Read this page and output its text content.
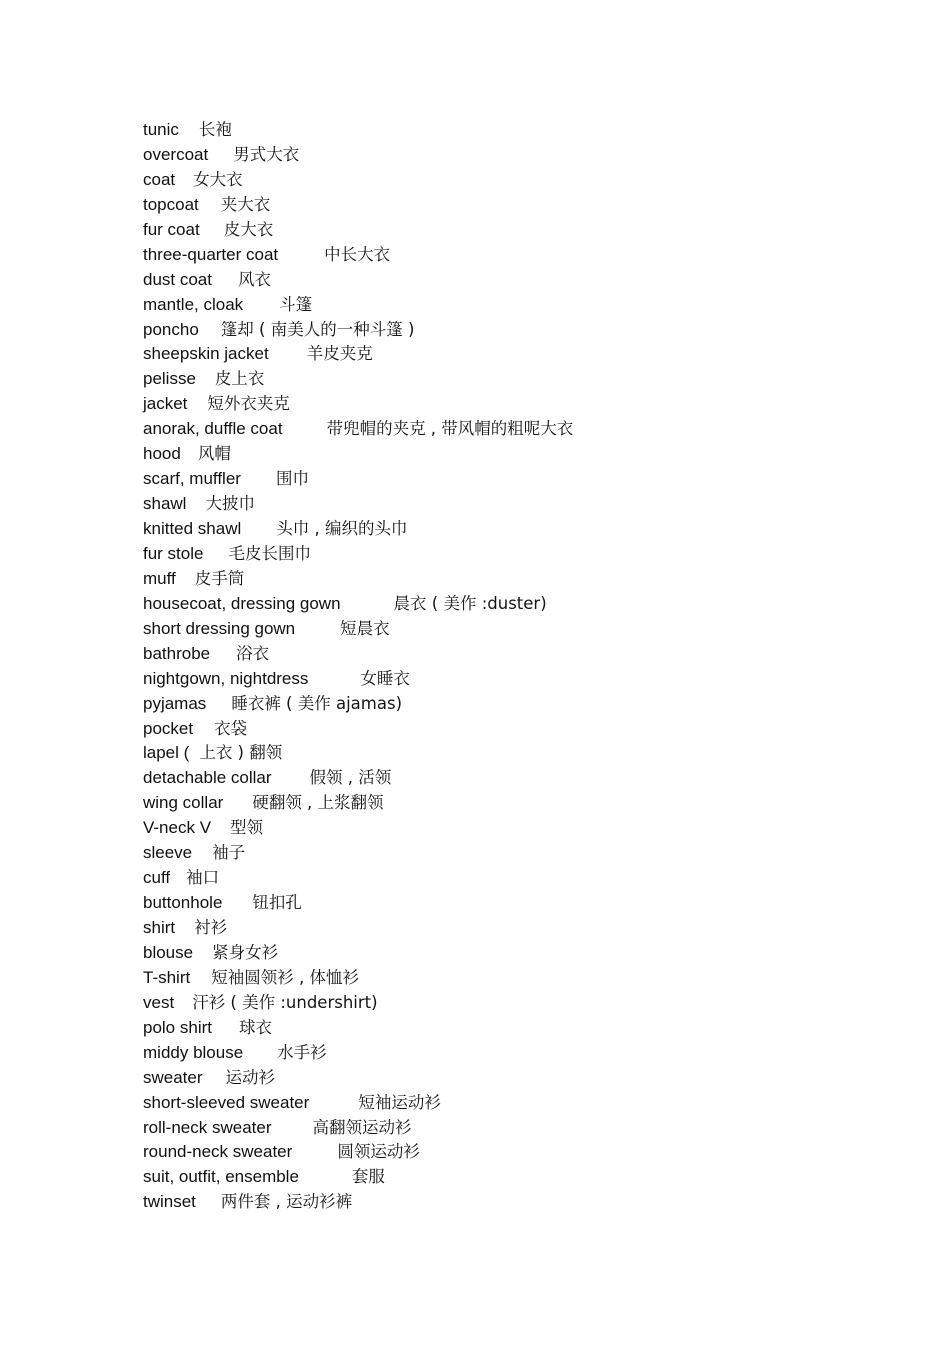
tunic 长袍
overcoat 男式大衣
coat 女大衣
topcoat 夹大衣
fur coat 皮大衣
three-quarter coat	中长大衣
dust coat 风衣
mantle, cloak 斗篷
poncho 篷却 ( 南美人的一种斗篷 )
sheepskin jacket 羊皮夹克
pelisse 皮上衣
jacket 短外衣夹克
anorak, duffle coat	带兜帽的夹克 , 带风帽的粗呢大衣
hood 风帽
scarf, muffler 围巾
shawl 大披巾
knitted shawl 头巾 , 编织的头巾
fur stole 毛皮长围巾
muff 皮手筒
housecoat, dressing gown	晨衣 ( 美作 :duster)
short dressing gown	短晨衣
bathrobe 浴衣
nightgown, nightdress	女睡衣
pyjamas 睡衣裤 ( 美作 ajamas)
pocket 衣袋
lapel ( 上衣 ) 翻领
detachable collar 假领 , 活领
wing collar 硬翻领 , 上浆翻领
V-neck V 型领
sleeve 袖子
cuff 袖口
buttonhole 钮扣孔
shirt 衬衫
blouse 紧身女衫
T-shirt 短袖圆领衫 , 体恤衫
vest 汗衫 ( 美作 :undershirt)
polo shirt 球衣
middy blouse 水手衫
sweater 运动衫
short-sleeved sweater	短袖运动衫
roll-neck sweater 高翻领运动衫
round-neck sweater	圆领运动衫
suit, outfit, ensemble	套服
twinset 两件套 , 运动衫裤
